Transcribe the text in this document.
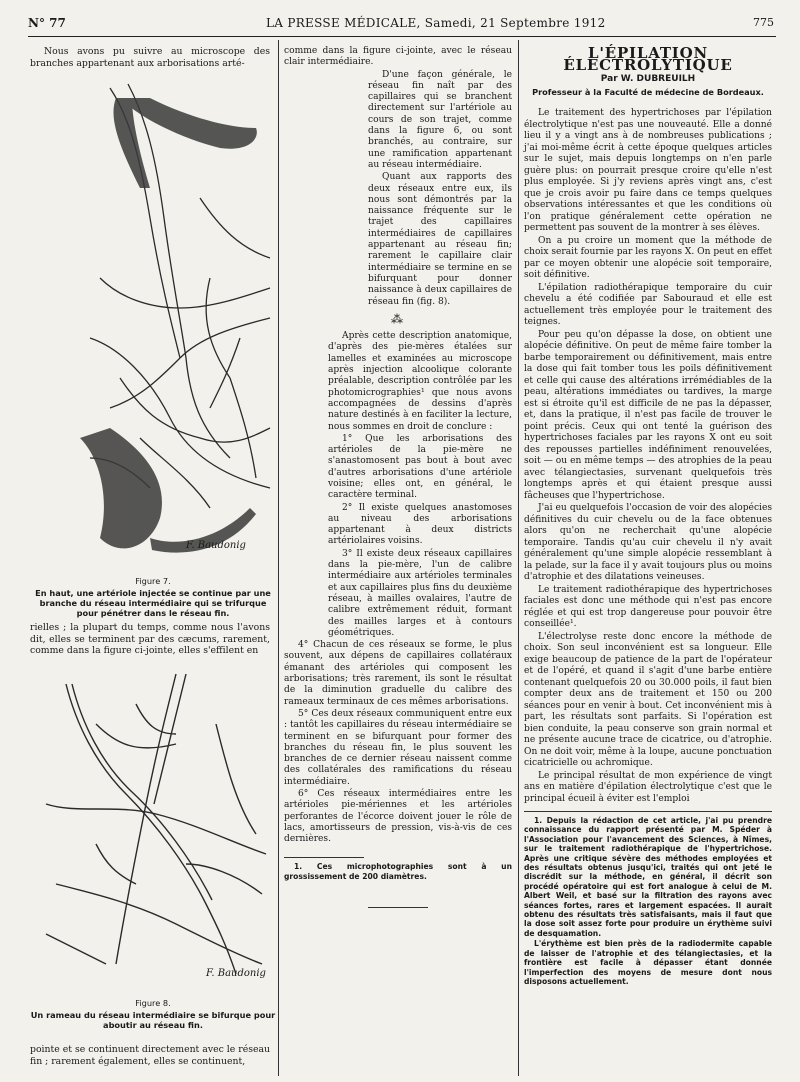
N° 77	LA PRESSE MÉDICALE, Samedi, 21 Septembre 1912	775

Nous avons pu suivre au microscope des branches appartenant aux arborisations arté-

F. Baudonig
Figure 7.
En haut, une artériole injectée se continue par une branche du réseau intermédiaire qui se trifurque pour pénétrer dans le réseau fin.

rielles ; la plupart du temps, comme nous l'avons dit, elles se terminent par des cæcums, rarement, comme dans la figure ci-jointe, elles s'effilent en

F. Baudonig
Figure 8.
Un rameau du réseau intermédiaire se bifurque pour aboutir au réseau fin.

pointe et se continuent directement avec le réseau fin ; rarement également, elles se continuent,

comme dans la figure ci-jointe, avec le réseau clair intermédiaire.

D'une façon générale, le réseau fin naît par des capillaires qui se branchent directement sur l'artériole au cours de son trajet, comme dans la figure 6, ou sont branchés, au contraire, sur une ramification appartenant au réseau intermédiaire.

Quant aux rapports des deux réseaux entre eux, ils nous sont démontrés par la naissance fréquente sur le trajet des capillaires intermédiaires de capillaires appartenant au réseau fin; rarement le capillaire clair intermédiaire se termine en se bifurquant pour donner naissance à deux capillaires de réseau fin (fig. 8).

⁂

Après cette description anatomique, d'après des pie-mères étalées sur lamelles et examinées au microscope après injection alcoolique colorante préalable, description contrôlée par les photomicrographies¹ que nous avons accompagnées de dessins d'après nature destinés à en faciliter la lecture, nous sommes en droit de conclure :

1° Que les arborisations des artérioles de la pie-mère ne s'anastomosent pas bout à bout avec d'autres arborisations d'une artériole voisine; elles ont, en général, le caractère terminal.

2° Il existe quelques anastomoses au niveau des arborisations appartenant à deux districts artériolaires voisins.

3° Il existe deux réseaux capillaires dans la pie-mère, l'un de calibre intermédiaire aux artérioles terminales et aux capillaires plus fins du deuxième réseau, à mailles ovalaires, l'autre de calibre extrêmement réduit, formant des mailles larges et à contours géométriques.

4° Chacun de ces réseaux se forme, le plus souvent, aux dépens de capillaires collatéraux émanant des artérioles qui composent les arborisations; très rarement, ils sont le résultat de la diminution graduelle du calibre des rameaux terminaux de ces mêmes arborisations.

5° Ces deux réseaux communiquent entre eux : tantôt les capillaires du réseau intermédiaire se terminent en se bifurquant pour former des branches du réseau fin, le plus souvent les branches de ce dernier réseau naissent comme des collatérales des ramifications du réseau intermédiaire.

6° Ces réseaux intermédiaires entre les artérioles pie-mériennes et les artérioles perforantes de l'écorce doivent jouer le rôle de lacs, amortisseurs de pression, vis-à-vis de ces dernières.

1. Ces microphotographies sont à un grossissement de 200 diamètres.

L'ÉPILATION ÉLECTROLYTIQUE
Par W. DUBREUILH
Professeur à la Faculté de médecine de Bordeaux.

Le traitement des hypertrichoses par l'épilation électrolytique n'est pas une nouveauté. Elle a donné lieu il y a vingt ans à de nombreuses publications ; j'ai moi-même écrit à cette époque quelques articles sur le sujet, mais depuis longtemps on n'en parle guère plus: on pourrait presque croire qu'elle n'est plus employée. Si j'y reviens après vingt ans, c'est que je crois avoir pu faire dans ce temps quelques observations intéressantes et que les conditions où l'on pratique généralement cette opération ne permettent pas souvent de la montrer à ses élèves.

On a pu croire un moment que la méthode de choix serait fournie par les rayons X. On peut en effet par ce moyen obtenir une alopécie soit temporaire, soit définitive.

L'épilation radiothérapique temporaire du cuir chevelu a été codifiée par Sabouraud et elle est actuellement très employée pour le traitement des teignes.

Pour peu qu'on dépasse la dose, on obtient une alopécie définitive. On peut de même faire tomber la barbe temporairement ou définitivement, mais entre la dose qui fait tomber tous les poils définitivement et celle qui cause des altérations irrémédiables de la peau, altérations immédiates ou tardives, la marge est si étroite qu'il est difficile de ne pas la dépasser, et, dans la pratique, il n'est pas facile de trouver le point précis. Ceux qui ont tenté la guérison des hypertrichoses faciales par les rayons X ont eu soit des repousses partielles indéfiniment renouvelées, soit — ou en même temps — des atrophies de la peau avec télangiectasies, survenant quelquefois très longtemps après et qui étaient presque aussi fâcheuses que l'hypertrichose.

J'ai eu quelquefois l'occasion de voir des alopécies définitives du cuir chevelu ou de la face obtenues alors qu'on ne recherchait qu'une alopécie temporaire. Tandis qu'au cuir chevelu il n'y avait généralement qu'une simple alopécie ressemblant à la pelade, sur la face il y avait toujours plus ou moins d'atrophie et des dilatations veineuses.

Le traitement radiothérapique des hypertrichoses faciales est donc une méthode qui n'est pas encore réglée et qui est trop dangereuse pour pouvoir être conseillée¹.

L'électrolyse reste donc encore la méthode de choix. Son seul inconvénient est sa longueur. Elle exige beaucoup de patience de la part de l'opérateur et de l'opéré, et quand il s'agit d'une barbe entière contenant quelquefois 20 ou 30.000 poils, il faut bien compter deux ans de traitement et 150 ou 200 séances pour en venir à bout. Cet inconvénient mis à part, les résultats sont parfaits. Si l'opération est bien conduite, la peau conserve son grain normal et ne présente aucune trace de cicatrice, ou d'atrophie. On ne doit voir, même à la loupe, aucune ponctuation cicatricielle ou achromique.

Le principal résultat de mon expérience de vingt ans en matière d'épilation électrolytique c'est que le principal écueil à éviter est l'emploi

1. Depuis la rédaction de cet article, j'ai pu prendre connaissance du rapport présenté par M. Spéder à l'Association pour l'avancement des Sciences, à Nîmes, sur le traitement radiothérapique de l'hypertrichose. Après une critique sévère des méthodes employées et des résultats obtenus jusqu'ici, traités qui ont jeté le discrédit sur la méthode, en général, il décrit son procédé opératoire qui est fort analogue à celui de M. Albert Weil, et basé sur la filtration des rayons avec séances fortes, rares et largement espacées. Il aurait obtenu des résultats très satisfaisants, mais il faut que la dose soit assez forte pour produire un érythème suivi de desquamation.

L'érythème est bien près de la radiodermite capable de laisser de l'atrophie et des télangiectasies, et la frontière est facile à dépasser étant donnée l'imperfection des moyens de mesure dont nous disposons actuellement.
